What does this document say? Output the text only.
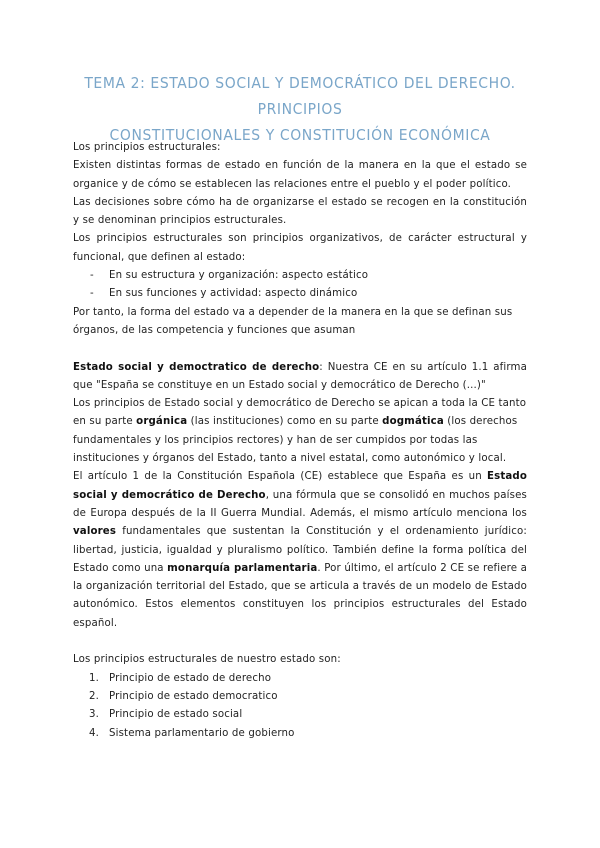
TEMA 2: ESTADO SOCIAL Y DEMOCRÁTICO DEL DERECHO. PRINCIPIOS
CONSTITUCIONALES Y CONSTITUCIÓN ECONÓMICA

Los principios estructurales:

Existen distintas formas de estado en función de la manera en la que el estado se organice y de cómo se establecen las relaciones entre el pueblo y el poder político.

Las decisiones sobre cómo ha de organizarse el estado se recogen en la constitución y se denominan principios estructurales.

Los principios estructurales son principios organizativos, de carácter estructural y funcional, que definen al estado:

- En su estructura y organización: aspecto estático
- En sus funciones y actividad: aspecto dinámico

Por tanto, la forma del estado va a depender de la manera en la que se definan sus órganos, de las competencia y funciones que asuman

Estado social y democtratico de derecho: Nuestra CE en su artículo 1.1 afirma que "España se constituye en un Estado social y democrático de Derecho (...)"

Los principios de Estado social y democrático de Derecho se apican a toda la CE tanto en su parte orgánica (las instituciones) como en su parte dogmática (los derechos fundamentales y los principios rectores) y han de ser cumpidos por todas las instituciones y órganos del Estado, tanto a nivel estatal, como autonómico y local.

El artículo 1 de la Constitución Española (CE) establece que España es un Estado social y democrático de Derecho, una fórmula que se consolidó en muchos países de Europa después de la II Guerra Mundial. Además, el mismo artículo menciona los valores fundamentales que sustentan la Constitución y el ordenamiento jurídico: libertad, justicia, igualdad y pluralismo político. También define la forma política del Estado como una monarquía parlamentaria. Por último, el artículo 2 CE se refiere a la organización territorial del Estado, que se articula a través de un modelo de Estado autonómico. Estos elementos constituyen los principios estructurales del Estado español.

Los principios estructurales de nuestro estado son:

1. Principio de estado de derecho
2. Principio de estado democratico
3. Principio de estado social
4. Sistema parlamentario de gobierno
